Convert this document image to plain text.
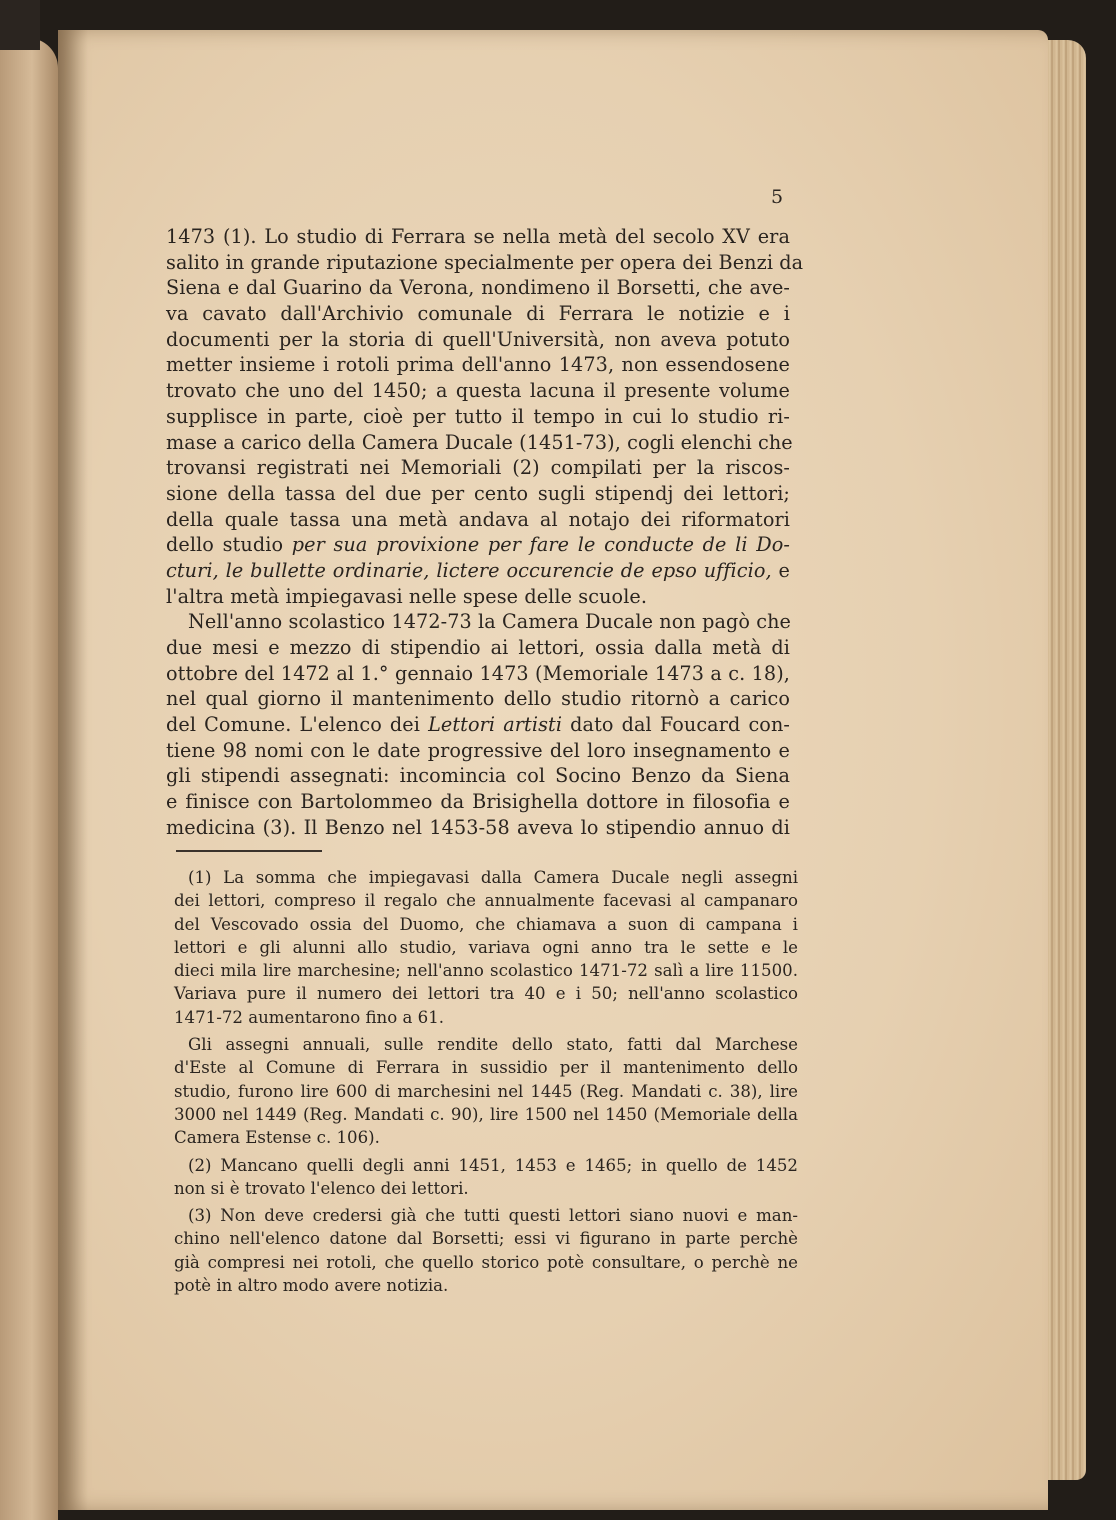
5
1473 (1). Lo studio di Ferrara se nella metà del secolo XV era
salito in grande riputazione specialmente per opera dei Benzi da
Siena e dal Guarino da Verona, nondimeno il Borsetti, che ave-
va cavato dall'Archivio comunale di Ferrara le notizie e i
documenti per la storia di quell'Università, non aveva potuto
metter insieme i rotoli prima dell'anno 1473, non essendosene
trovato che uno del 1450; a questa lacuna il presente volume
supplisce in parte, cioè per tutto il tempo in cui lo studio ri-
mase a carico della Camera Ducale (1451-73), cogli elenchi che
trovansi registrati nei Memoriali (2) compilati per la riscos-
sione della tassa del due per cento sugli stipendj dei lettori;
della quale tassa una metà andava al notajo dei riformatori
dello studio per sua provixione per fare le conducte de li Do-
cturi, le bullette ordinarie, lictere occurencie de epso ufficio, e
l'altra metà impiegavasi nelle spese delle scuole.
Nell'anno scolastico 1472-73 la Camera Ducale non pagò che
due mesi e mezzo di stipendio ai lettori, ossia dalla metà di
ottobre del 1472 al 1.° gennaio 1473 (Memoriale 1473 a c. 18),
nel qual giorno il mantenimento dello studio ritornò a carico
del Comune. L'elenco dei Lettori artisti dato dal Foucard con-
tiene 98 nomi con le date progressive del loro insegnamento e
gli stipendi assegnati: incomincia col Socino Benzo da Siena
e finisce con Bartolommeo da Brisighella dottore in filosofia e
medicina (3). Il Benzo nel 1453-58 aveva lo stipendio annuo di
(1) La somma che impiegavasi dalla Camera Ducale negli assegni
dei lettori, compreso il regalo che annualmente facevasi al campanaro
del Vescovado ossia del Duomo, che chiamava a suon di campana i
lettori e gli alunni allo studio, variava ogni anno tra le sette e le
dieci mila lire marchesine; nell'anno scolastico 1471-72 salì a lire 11500.
Variava pure il numero dei lettori tra 40 e i 50; nell'anno scolastico
1471-72 aumentarono fino a 61.
Gli assegni annuali, sulle rendite dello stato, fatti dal Marchese
d'Este al Comune di Ferrara in sussidio per il mantenimento dello
studio, furono lire 600 di marchesini nel 1445 (Reg. Mandati c. 38), lire
3000 nel 1449 (Reg. Mandati c. 90), lire 1500 nel 1450 (Memoriale della
Camera Estense c. 106).
(2) Mancano quelli degli anni 1451, 1453 e 1465; in quello de 1452
non si è trovato l'elenco dei lettori.
(3) Non deve credersi già che tutti questi lettori siano nuovi e man-
chino nell'elenco datone dal Borsetti; essi vi figurano in parte perchè
già compresi nei rotoli, che quello storico potè consultare, o perchè ne
potè in altro modo avere notizia.
